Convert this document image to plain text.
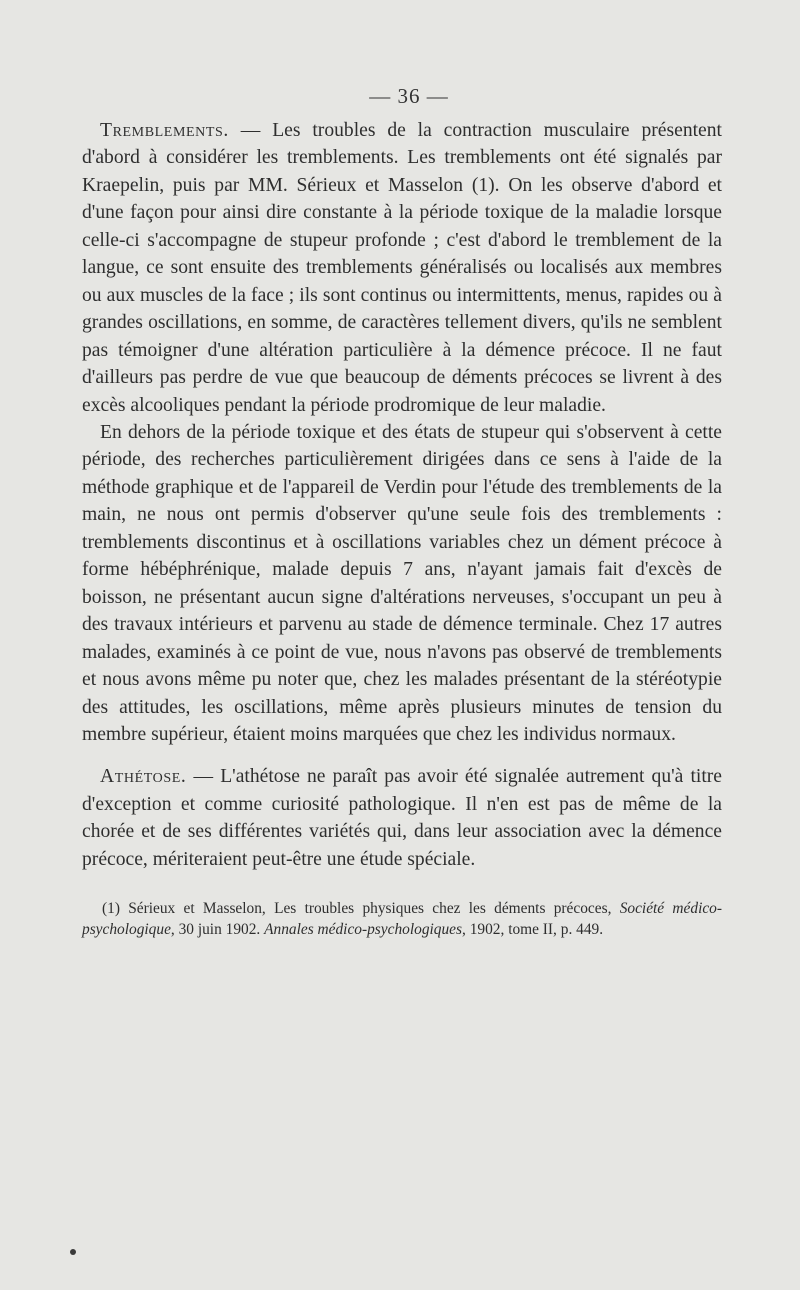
— 36 —

Tremblements. — Les troubles de la contraction musculaire présentent d'abord à considérer les tremblements. Les tremblements ont été signalés par Kraepelin, puis par MM. Sérieux et Masselon (1). On les observe d'abord et d'une façon pour ainsi dire constante à la période toxique de la maladie lorsque celle-ci s'accompagne de stupeur profonde ; c'est d'abord le tremblement de la langue, ce sont ensuite des tremblements généralisés ou localisés aux membres ou aux muscles de la face ; ils sont continus ou intermittents, menus, rapides ou à grandes oscillations, en somme, de caractères tellement divers, qu'ils ne semblent pas témoigner d'une altération particulière à la démence précoce. Il ne faut d'ailleurs pas perdre de vue que beaucoup de déments précoces se livrent à des excès alcooliques pendant la période prodromique de leur maladie.

En dehors de la période toxique et des états de stupeur qui s'observent à cette période, des recherches particulièrement dirigées dans ce sens à l'aide de la méthode graphique et de l'appareil de Verdin pour l'étude des tremblements de la main, ne nous ont permis d'observer qu'une seule fois des tremblements : tremblements discontinus et à oscillations variables chez un dément précoce à forme hébéphrénique, malade depuis 7 ans, n'ayant jamais fait d'excès de boisson, ne présentant aucun signe d'altérations nerveuses, s'occupant un peu à des travaux intérieurs et parvenu au stade de démence terminale. Chez 17 autres malades, examinés à ce point de vue, nous n'avons pas observé de tremblements et nous avons même pu noter que, chez les malades présentant de la stéréotypie des attitudes, les oscillations, même après plusieurs minutes de tension du membre supérieur, étaient moins marquées que chez les individus normaux.

Athétose. — L'athétose ne paraît pas avoir été signalée autrement qu'à titre d'exception et comme curiosité pathologique. Il n'en est pas de même de la chorée et de ses différentes variétés qui, dans leur association avec la démence précoce, mériteraient peut-être une étude spéciale.

(1) Sérieux et Masselon, Les troubles physiques chez les déments précoces, Société médico-psychologique, 30 juin 1902. Annales médico-psychologiques, 1902, tome II, p. 449.
